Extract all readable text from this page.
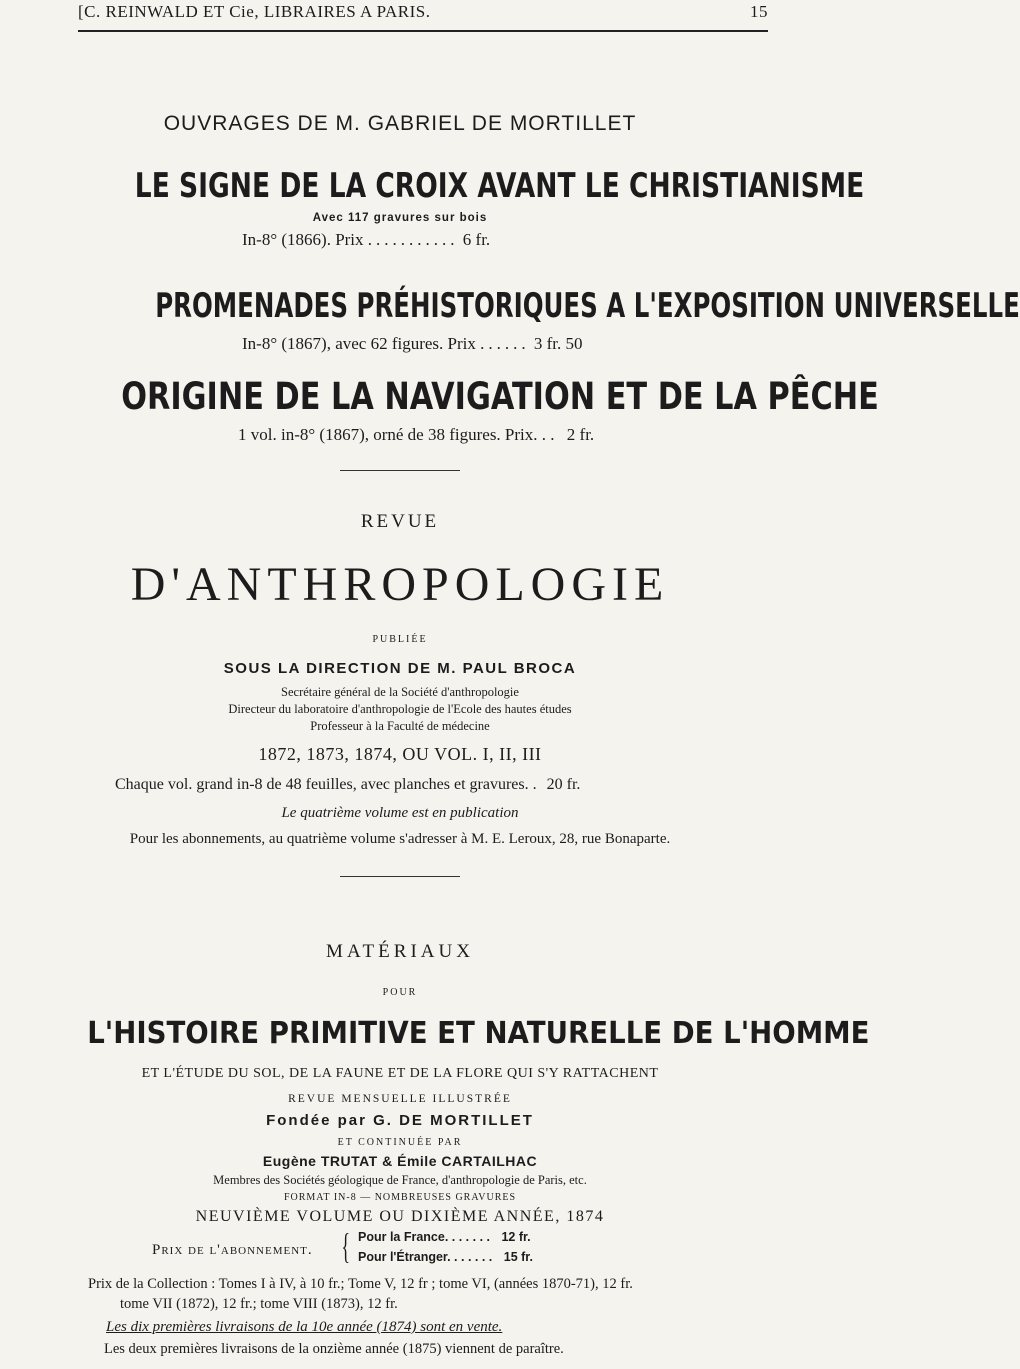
[C. REINWALD ET Cie, LIBRAIRES A PARIS.	15
OUVRAGES DE M. GABRIEL DE MORTILLET
LE SIGNE DE LA CROIX AVANT LE CHRISTIANISME
Avec 117 gravures sur bois
In-8° (1866). Prix ........... 6 fr.
PROMENADES PRÉHISTORIQUES A L'EXPOSITION UNIVERSELLE
In-8° (1867), avec 62 figures. Prix ...... 3 fr. 50
ORIGINE DE LA NAVIGATION ET DE LA PÊCHE
1 vol. in-8° (1867), orné de 38 figures. Prix. . . 2 fr.
REVUE
D'ANTHROPOLOGIE
PUBLIÉE
SOUS LA DIRECTION DE M. PAUL BROCA
Secrétaire général de la Société d'anthropologie
Directeur du laboratoire d'anthropologie de l'Ecole des hautes études
Professeur à la Faculté de médecine
1872, 1873, 1874, OU VOL. I, II, III
Chaque vol. grand in-8 de 48 feuilles, avec planches et gravures. . 20 fr.
Le quatrième volume est en publication
Pour les abonnements, au quatrième volume s'adresser à M. E. Leroux, 28, rue Bonaparte.
MATÉRIAUX
POUR
L'HISTOIRE PRIMITIVE ET NATURELLE DE L'HOMME
ET L'ÉTUDE DU SOL, DE LA FAUNE ET DE LA FLORE QUI S'Y RATTACHENT
REVUE MENSUELLE ILLUSTRÉE
Fondée par G. DE MORTILLET
ET CONTINUÉE PAR
Eugène TRUTAT & Émile CARTAILHAC
Membres des Sociétés géologique de France, d'anthropologie de Paris, etc.
FORMAT IN-8 — NOMBREUSES GRAVURES
NEUVIÈME VOLUME OU DIXIÈME ANNÉE, 1874
Prix de l'abonnement. { Pour la France. . . . . . . 12 fr.
Pour l'Étranger. . . . . . . 15 fr.
Prix de la Collection : Tomes I à IV, à 10 fr.; Tome V, 12 fr ; tome VI, (années 1870-71), 12 fr.
tome VII (1872), 12 fr.; tome VIII (1873), 12 fr.
Les dix premières livraisons de la 10e année (1874) sont en vente.
Les deux premières livraisons de la onzième année (1875) viennent de paraître.
